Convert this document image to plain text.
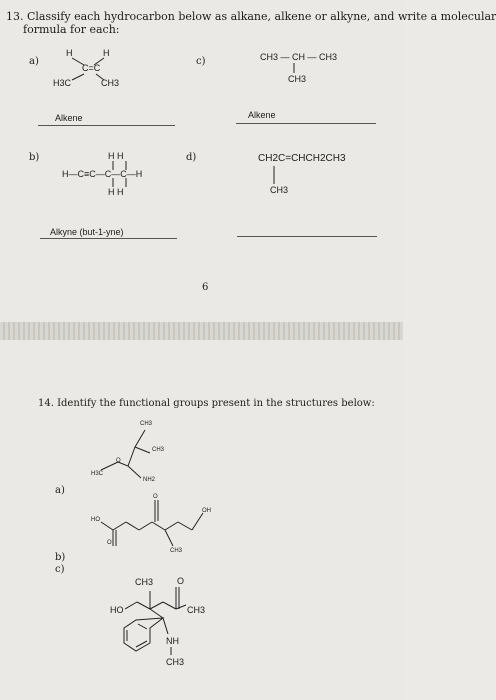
13. Classify each hydrocarbon below as alkane, alkene or alkyne, and write a molecular
formula for each:
a)	c)
b)	d)
H	H
C=C
H3C	CH3
Alkene
CH3 — CH — CH3
CH3
Alkene
H H
H—C≡C—C—C—H
H H
Alkyne (but-1-yne)
CH2C=CHCH2CH3
CH3
6
14. Identify the functional groups present in the structures below:
a)
b)
c)
CH3
CH3
H3C
NH2
O
HO
O
OH
CH3
O
CH3	O
HO	CH3
NH
CH3
